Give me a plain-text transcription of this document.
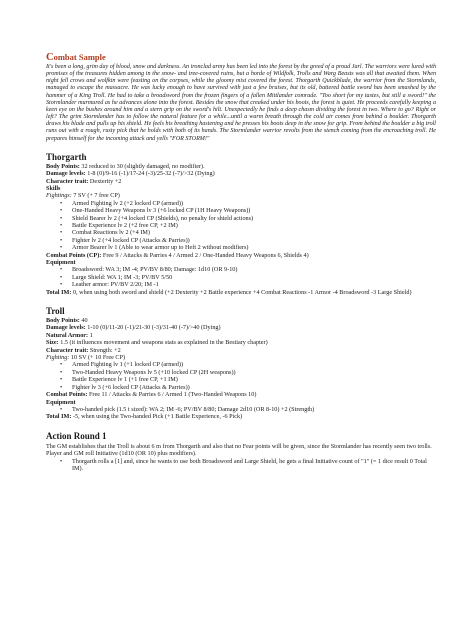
Combat Sample

It's been a long, grim day of blood, snow and darkness. An ironclad army has been led into the forest by the greed of a proud Jarl. The warriors were lured with promises of the treasures hidden among in the snow- and tree-covered ruins, but a horde of Wildfolk, Trolls and Warg Beasts was all that awaited them. When night fell crows and wolfkin were feasting on the corpses, while the gloomy mist covered the forest. Thorgarth Quickblade, the warrior from the Stormlands, managed to escape the massacre. He was lucky enough to have survived with just a few bruises, but its old, battered battle sword has been smashed by the hammer of a King Troll. He had to take a broadsword from the frozen fingers of a fallen Mittlander comrade. "Too short for my tastes, but still a sword!" the Stormlander murmured as he advances alone into the forest. Besides the snow that creaked under his boots, the forest is quiet. He proceeds carefully keeping a keen eye on the bushes around him and a stern grip on the sword's hilt. Unexpectedly he finds a deep chasm dividing the forest in two. Where to go? Right or left? The grim Stormlander has to follow the natural feature for a while...until a warm breath through the cold air comes from behind a boulder. Thorgarth draws his blade and pulls up his shield. He feels his breathing hastening and he presses his boots deep in the snow for grip. From behind the boulder a big troll runs out with a rough, rusty pick that he holds with both of its hands. The Stormlander warrior revolts from the stench coming from the encroaching troll. He prepares himself for the incoming attack and yells "FOR STORM!"

Thorgarth

Body Points: 32 reduced to 30 (slightly damaged, no modifier).

Damage levels: 1-8 (0)/9-16 (-1)/17-24 (-3)/25-32 (-7)/>32 (Dying)

Character trait: Dexterity +2

Skills

Fightings: 7 SV (+ 7 free CP)

• Armed Fighting lv 2 (+2 locked CP (armed))
• One-Handed Heavy Weapons lv 3 (+6 locked CP (1H Heavy Weapons))
• Shield Bearer lv 2 (+4 locked CP (Shields), no penalty for shield actions)
• Battle Experience lv 2 (+2 free CP, +2 IM)
• Combat Reactions lv 2 (+4 IM)
• Fighter lv 2 (+4 locked CP (Attacks & Parries))
• Armor Bearer lv 1 (Able to wear armor up to Heft 2 without modifiers)

Combat Points (CP): Free 9 / Attacks & Parries 4 / Armed 2 / One-Handed Heavy Weapons 6, Shields 4)

Equipment

• Broadsword: WA 3; IM -4; PV/BV 8/80; Damage: 1d10 (OR 9-10)
• Large Shield: WA 1; IM -3; PV/BV 5/50
• Leather armor: PV/BV 2/20; IM -1

Total IM: 0, when using both sword and shield (+2 Dexterity +2 Battle experience +4 Combat Reactions -1 Armor -4 Broadsword -3 Large Shield)

Troll

Body Points: 40

Damage levels: 1-10 (0)/11-20 (-1)/21-30 (-3)/31-40 (-7)/>40 (Dying)

Natural Armor: 1

Size: 1.5 (it influences movement and weapons stats as explained in the Bestiary chapter)

Character trait: Strength: +2

Fighting: 10 SV (+ 10 Free CP)

• Armed Fighting lv 1 (+1 locked CP (armed))
• Two-Handed Heavy Weapons lv 5 (+10 locked CP (2H weapons))
• Battle Experience lv 1 (+1 free CP, +1 IM)
• Fighter lv 3 (+6 locked CP (Attacks & Parries))

Combat Points: Free 11 / Attacks & Parries 6 / Armed 1 (Two-Handed Weapons 10)

Equipment

• Two-handed pick (1.5 t sized): WA 2; IM -6; PV/BV 8/80; Damage 2d10 (OR 8-10) +2 (Strength)

Total IM: -5, when using the Two-handed Pick (+1 Battle Experience, -6 Pick)

Action Round 1

The GM establishes that the Troll is about 6 m from Thorgarth and also that no Fear points will be given, since the Stormlander has recently seen two trolls.

Player and GM roll Initiative (1d10 (OR 10) plus modifiers).

• Thorgarth rolls a [1] and, since he wants to use both Broadsword and Large Shield, he gets a final Initiative count of "1" (= 1 dice result 0 Total IM).
